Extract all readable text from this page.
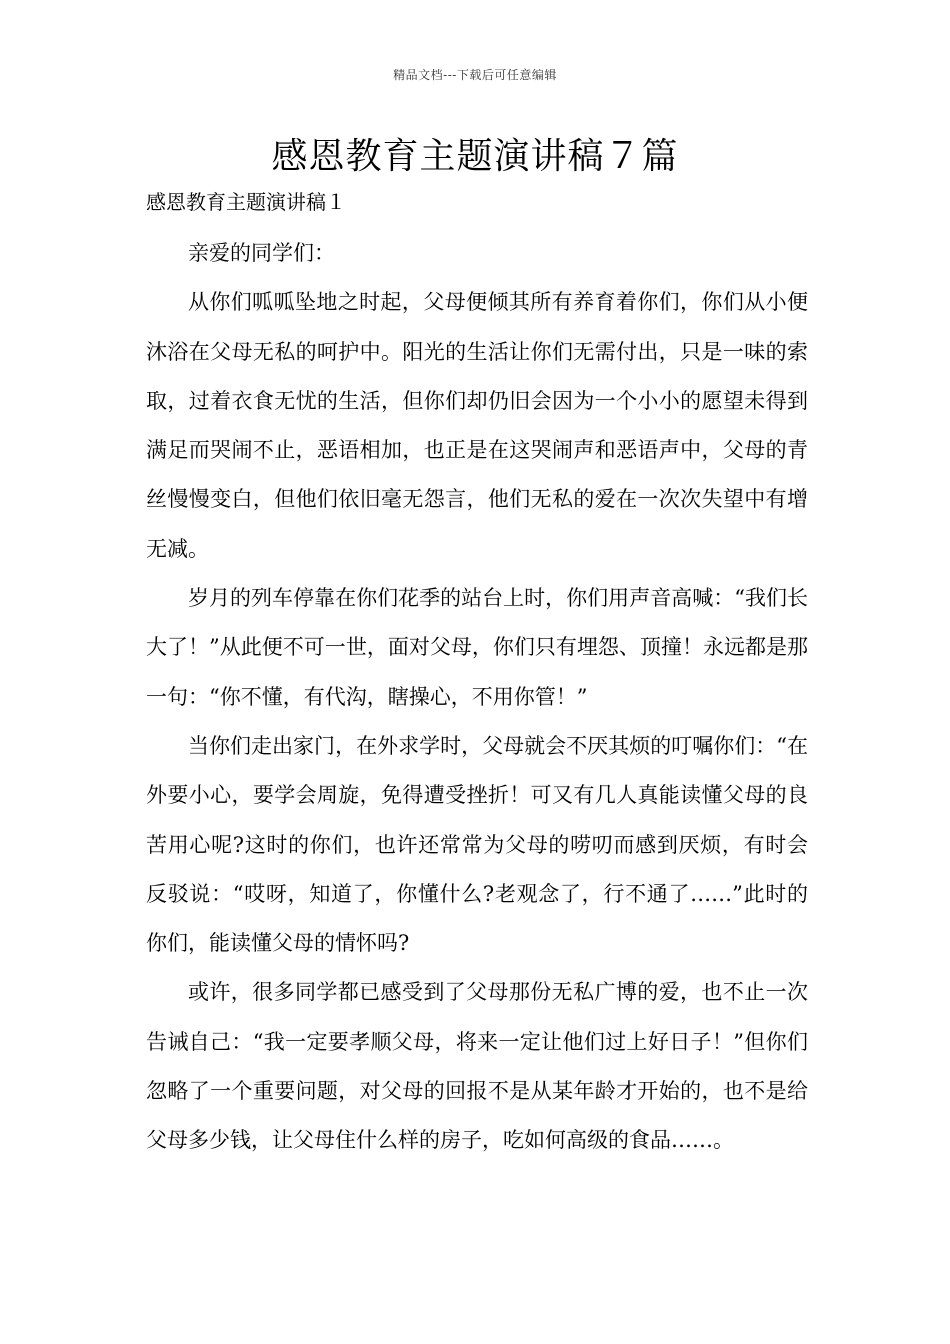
精品文档---下载后可任意编辑
感恩教育主题演讲稿７篇
感恩教育主题演讲稿１

亲爱的同学们：

从你们呱呱坠地之时起，父母便倾其所有养育着你们，你们从小便沐浴在父母无私的呵护中。阳光的生活让你们无需付出，只是一味的索取，过着衣食无忧的生活，但你们却仍旧会因为一个小小的愿望未得到满足而哭闹不止，恶语相加，也正是在这哭闹声和恶语声中，父母的青丝慢慢变白，但他们依旧毫无怨言，他们无私的爱在一次次失望中有增无减。

岁月的列车停靠在你们花季的站台上时，你们用声音高喊：“我们长大了！”从此便不可一世，面对父母，你们只有埋怨、顶撞！永远都是那一句：“你不懂，有代沟，瞎操心，不用你管！”

当你们走出家门，在外求学时，父母就会不厌其烦的叮嘱你们：“在外要小心，要学会周旋，免得遭受挫折！可又有几人真能读懂父母的良苦用心呢?这时的你们，也许还常常为父母的唠叨而感到厌烦，有时会反驳说：“哎呀，知道了，你懂什么?老观念了，行不通了……”此时的你们，能读懂父母的情怀吗?

或许，很多同学都已感受到了父母那份无私广博的爱，也不止一次告诫自己：“我一定要孝顺父母，将来一定让他们过上好日子！”但你们忽略了一个重要问题，对父母的回报不是从某年龄才开始的，也不是给父母多少钱，让父母住什么样的房子，吃如何高级的食品……。
